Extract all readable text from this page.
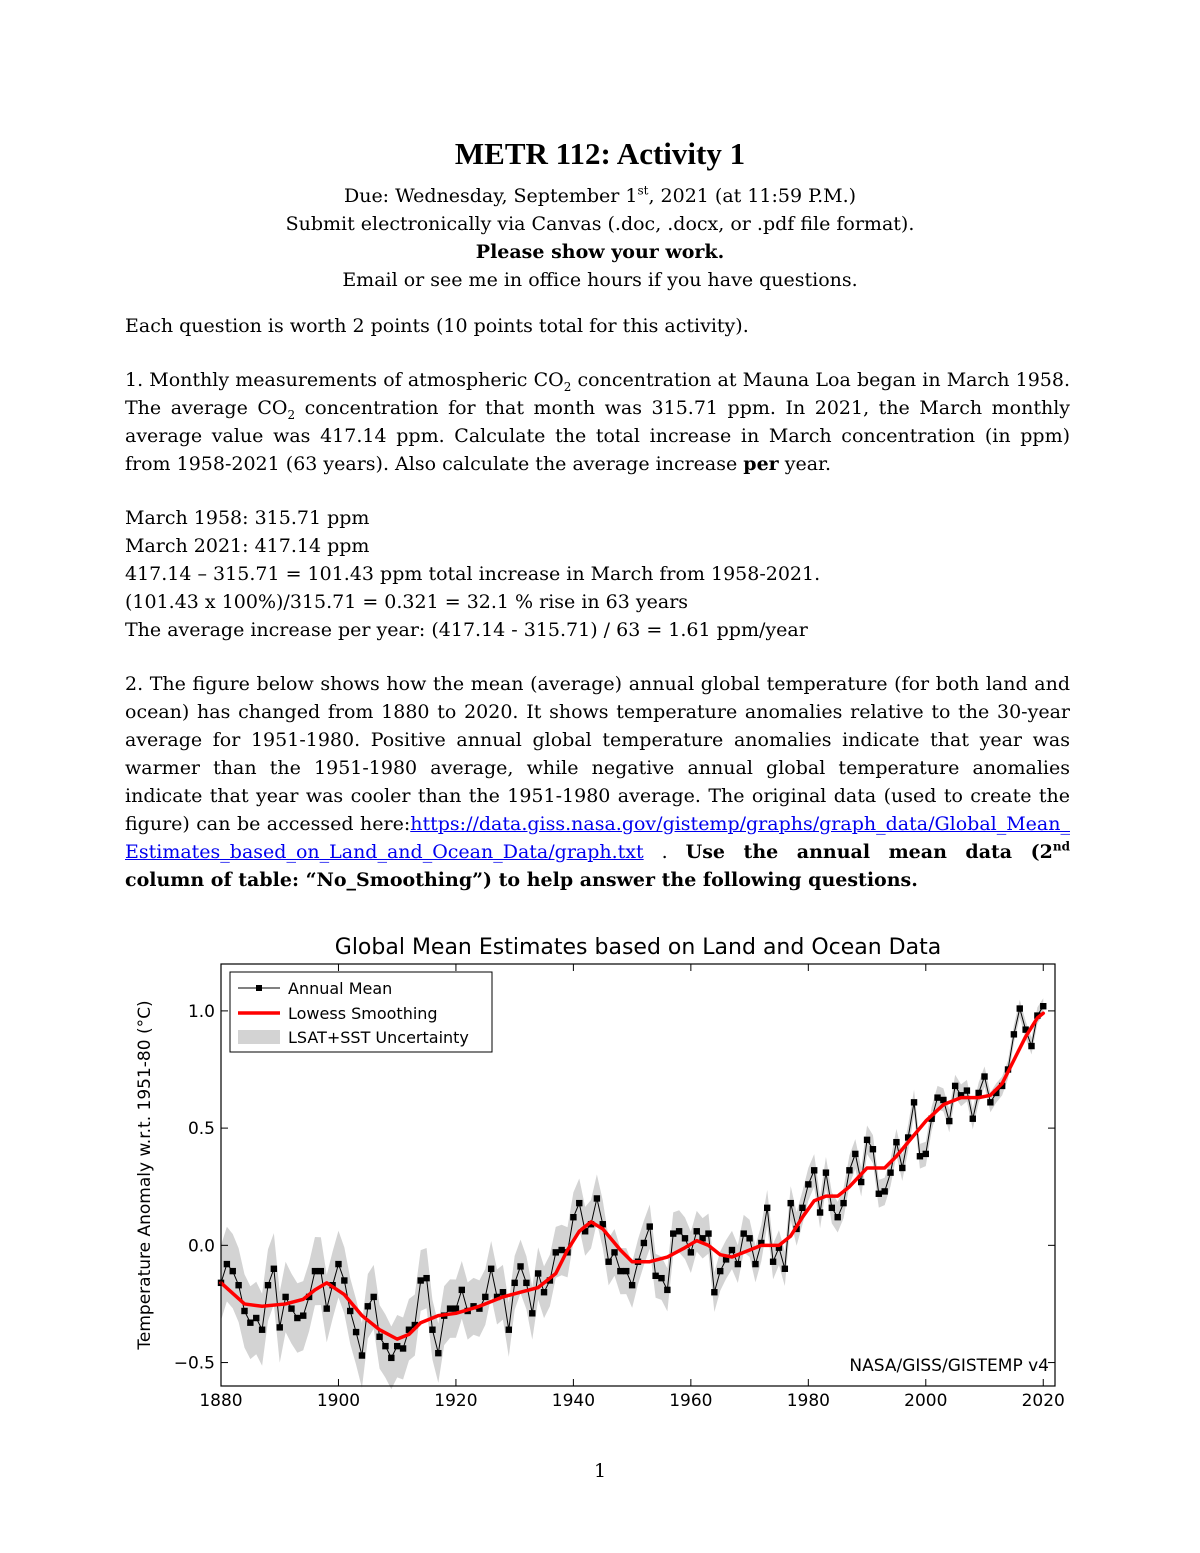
METR 112: Activity 1
Due: Wednesday, September 1st, 2021 (at 11:59 P.M.)
Submit electronically via Canvas (.doc, .docx, or .pdf file format).
Please show your work.
Email or see me in office hours if you have questions.

Each question is worth 2 points (10 points total for this activity).

1. Monthly measurements of atmospheric $CO_2$ concentration at Mauna Loa began in March 1958. The average $CO_2$ concentration for that month was 315.71 ppm. In 2021, the March monthly average value was 417.14 ppm. Calculate the total increase in March concentration (in ppm) from 1958-2021 (63 years). Also calculate the average increase per year.

March 1958: 315.71 ppm
March 2021: 417.14 ppm
417.14 – 315.71 = 101.43 ppm total increase in March from 1958-2021.
(101.43 x 100%)/315.71 = 0.321 = 32.1 % rise in 63 years
The average increase per year: (417.14 - 315.71) / 63 = 1.61 ppm/year

2. The figure below shows how the mean (average) annual global temperature (for both land and ocean) has changed from 1880 to 2020. It shows temperature anomalies relative to the 30-year average for 1951-1980. Positive annual global temperature anomalies indicate that year was warmer than the 1951-1980 average, while negative annual global temperature anomalies indicate that year was cooler than the 1951-1980 average. The original data (used to create the figure) can be accessed here:https://data.giss.nasa.gov/gistemp/graphs/graph_data/Global_Mean_Estimates_based_on_Land_and_Ocean_Data/graph.txt . Use the annual mean data (2nd column of table: “No_Smoothing”) to help answer the following questions.

1880	1900	1920	1940	1960	1980	2000	2020
1.0
0.5
0.0
−0.5
Global Mean Estimates based on Land and Ocean Data
Temperature Anomaly w.r.t. 1951-80 (°C)
NASA/GISS/GISTEMP v4
Annual Mean
Lowess Smoothing
LSAT+SST Uncertainty
1
